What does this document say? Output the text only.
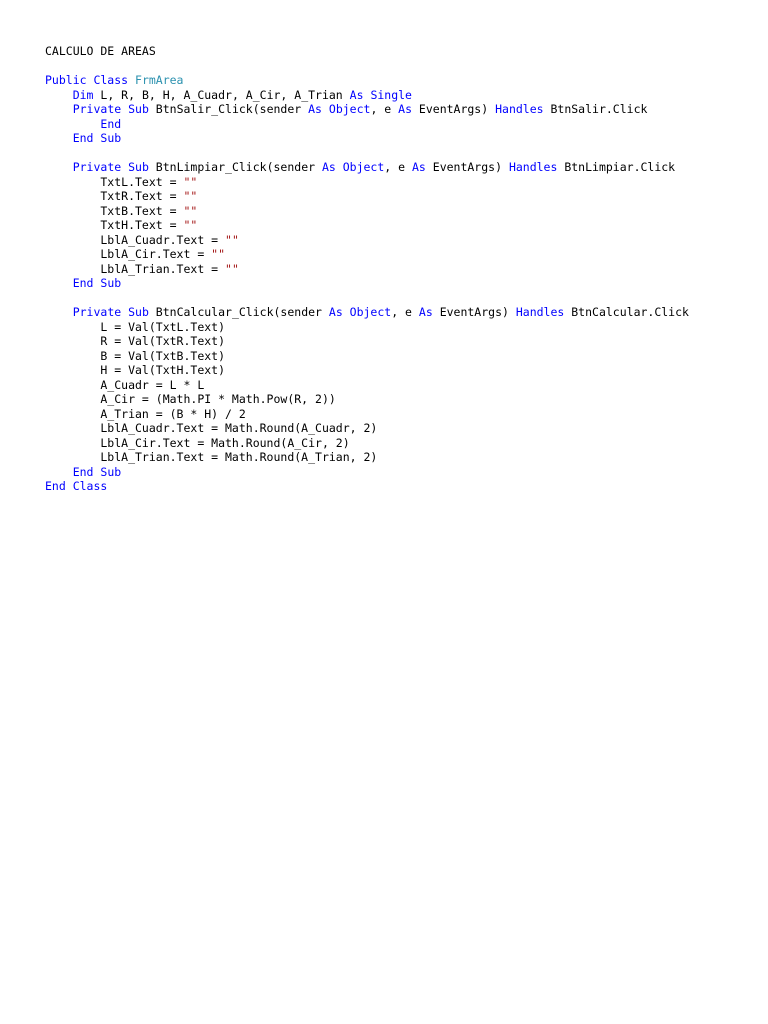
CALCULO DE AREAS
Public Class FrmArea
Dim L, R, B, H, A_Cuadr, A_Cir, A_Trian As Single
Private Sub BtnSalir_Click(sender As Object, e As EventArgs) Handles BtnSalir.Click
End
End Sub
Private Sub BtnLimpiar_Click(sender As Object, e As EventArgs) Handles BtnLimpiar.Click
TxtL.Text = ""
TxtR.Text = ""
TxtB.Text = ""
TxtH.Text = ""
LblA_Cuadr.Text = ""
LblA_Cir.Text = ""
LblA_Trian.Text = ""
End Sub
Private Sub BtnCalcular_Click(sender As Object, e As EventArgs) Handles BtnCalcular.Click
L = Val(TxtL.Text)
R = Val(TxtR.Text)
B = Val(TxtB.Text)
H = Val(TxtH.Text)
A_Cuadr = L * L
A_Cir = (Math.PI * Math.Pow(R, 2))
A_Trian = (B * H) / 2
LblA_Cuadr.Text = Math.Round(A_Cuadr, 2)
LblA_Cir.Text = Math.Round(A_Cir, 2)
LblA_Trian.Text = Math.Round(A_Trian, 2)
End Sub
End Class
